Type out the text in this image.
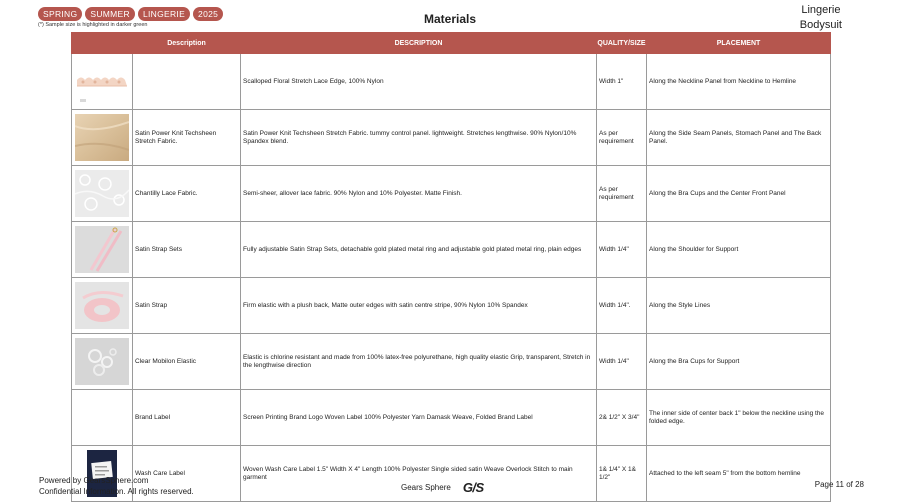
SPRING	SUMMER	LINGERIE	2025
(*) Sample size is highlighted in darker green	Materials
Lingerie
Bodysuit
	Description	DESCRIPTION	QUALITY/SIZE	PLACEMENT

		Scalloped Floral Stretch Lace Edge, 100% Nylon	Width 1"	Along the Neckline Panel from Neckline to Hemline

	Satin Power Knit Techsheen Stretch Fabric.	Satin Power Knit Techsheen Stretch Fabric. tummy control panel. lightweight. Stretches lengthwise. 90% Nylon/10% Spandex blend.	As per requirement	Along the Side Seam Panels, Stomach Panel and The Back Panel.

	Chantilly Lace Fabric.	Semi-sheer, allover lace fabric. 90% Nylon and 10% Polyester. Matte Finish.	As per requirement	Along the Bra Cups and the Center Front Panel

	Satin Strap Sets	Fully adjustable Satin Strap Sets, detachable gold plated metal ring and adjustable gold plated metal ring, plain edges	Width 1/4"	Along the Shoulder for Support

	Satin Strap	Firm elastic with a plush back, Matte outer edges with satin centre stripe, 90% Nylon 10% Spandex	Width 1/4".	Along the Style Lines

	Clear Mobilon Elastic	Elastic is chlorine resistant and made from 100% latex-free polyurethane, high quality elastic Grip, transparent, Stretch in the lengthwise direction	Width 1/4"	Along the Bra Cups for Support
	Brand Label	Screen Printing Brand Logo Woven Label 100% Polyester Yarn Damask Weave, Folded Brand Label	2& 1/2" X 3/4"	The inner side of center back 1" below the neckline using the folded edge.

	Wash Care Label	Woven Wash Care Label 1.5" Width X 4" Length 100% Polyester Single sided satin Weave Overlock Stitch to main garment	1& 1/4" X 1& 1/2"	Attached to the left seam 5" from the bottom hemline
Powered by GearsSphere.com
Confidential Information. All rights reserved.	Gears Sphere G/S	Page 11 of 28
